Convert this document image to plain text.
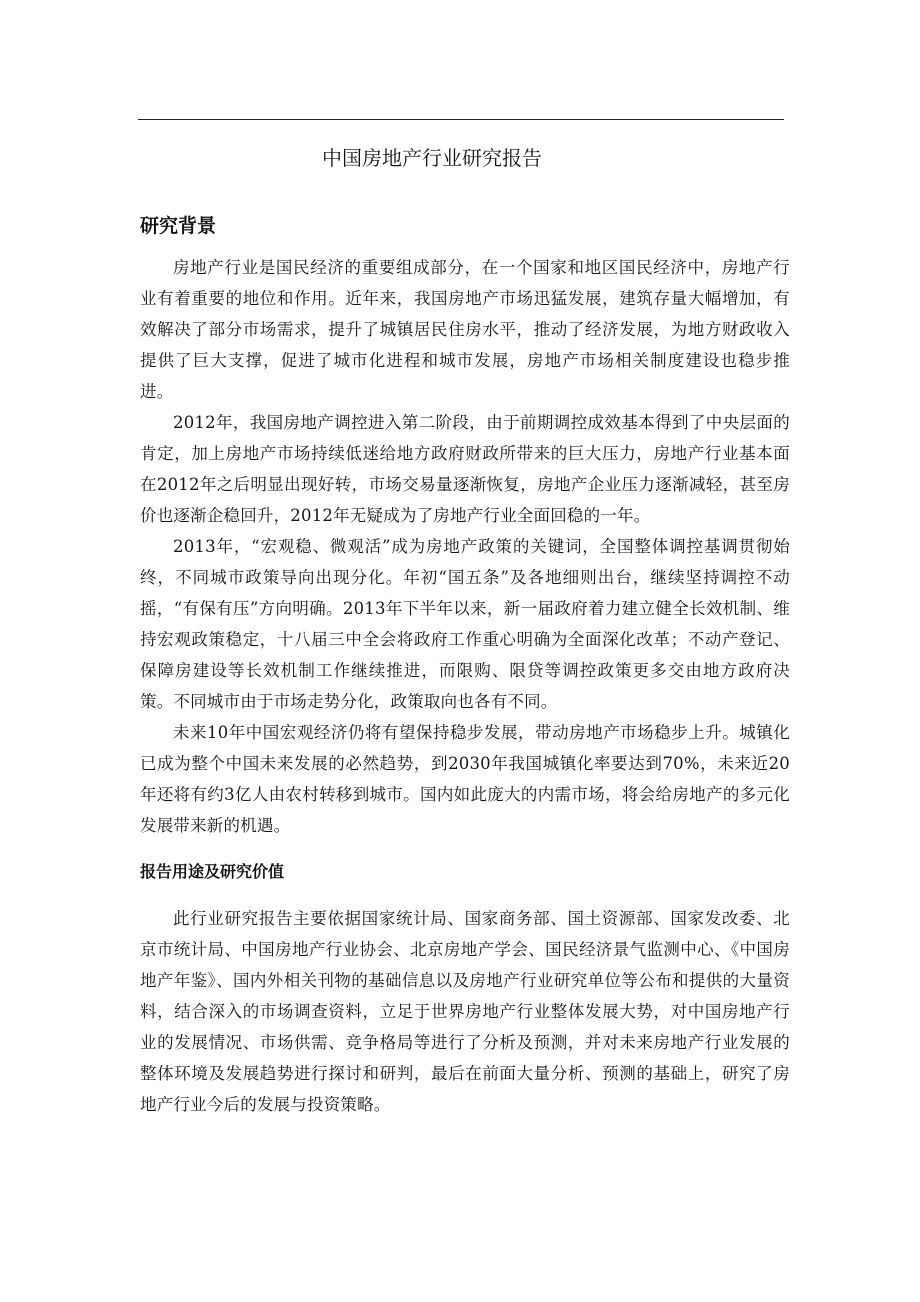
中国房地产行业研究报告
研究背景

房地产行业是国民经济的重要组成部分，在一个国家和地区国民经济中，房地产行业有着重要的地位和作用。近年来，我国房地产市场迅猛发展，建筑存量大幅增加，有效解决了部分市场需求，提升了城镇居民住房水平，推动了经济发展，为地方财政收入提供了巨大支撑，促进了城市化进程和城市发展，房地产市场相关制度建设也稳步推进。

2012年，我国房地产调控进入第二阶段，由于前期调控成效基本得到了中央层面的肯定，加上房地产市场持续低迷给地方政府财政所带来的巨大压力，房地产行业基本面在2012年之后明显出现好转，市场交易量逐渐恢复，房地产企业压力逐渐减轻，甚至房价也逐渐企稳回升，2012年无疑成为了房地产行业全面回稳的一年。

2013年，“宏观稳、微观活”成为房地产政策的关键词，全国整体调控基调贯彻始终，不同城市政策导向出现分化。年初“国五条”及各地细则出台，继续坚持调控不动摇，“有保有压”方向明确。2013年下半年以来，新一届政府着力建立健全长效机制、维持宏观政策稳定，十八届三中全会将政府工作重心明确为全面深化改革；不动产登记、保障房建设等长效机制工作继续推进，而限购、限贷等调控政策更多交由地方政府决策。不同城市由于市场走势分化，政策取向也各有不同。

未来10年中国宏观经济仍将有望保持稳步发展，带动房地产市场稳步上升。城镇化已成为整个中国未来发展的必然趋势，到2030年我国城镇化率要达到70%，未来近20年还将有约3亿人由农村转移到城市。国内如此庞大的内需市场，将会给房地产的多元化发展带来新的机遇。

报告用途及研究价值

此行业研究报告主要依据国家统计局、国家商务部、国土资源部、国家发改委、北京市统计局、中国房地产行业协会、北京房地产学会、国民经济景气监测中心、《中国房地产年鉴》、国内外相关刊物的基础信息以及房地产行业研究单位等公布和提供的大量资料，结合深入的市场调查资料，立足于世界房地产行业整体发展大势，对中国房地产行业的发展情况、市场供需、竞争格局等进行了分析及预测，并对未来房地产行业发展的整体环境及发展趋势进行探讨和研判，最后在前面大量分析、预测的基础上，研究了房地产行业今后的发展与投资策略。
